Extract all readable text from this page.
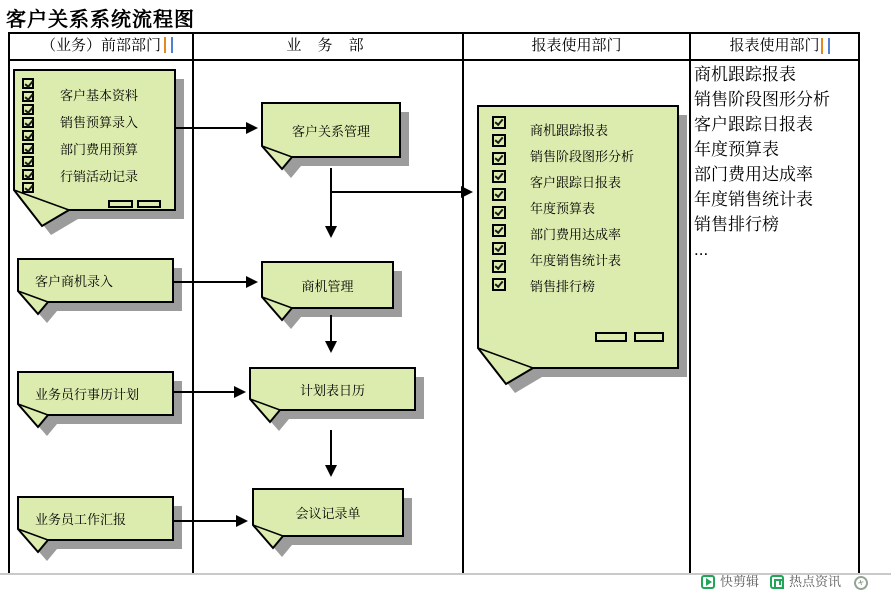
客户关系系统流程图
（业务）前部部门	业 务 部	报表使用部门	报表使用部门
客户基本资料
销售预算录入
部门费用预算
行销活动记录
客户商机录入
业务员行事历计划
业务员工作汇报
客户关系管理
商机管理
计划表日历
会议记录单
商机跟踪报表
销售阶段图形分析
客户跟踪日报表
年度预算表
部门费用达成率
年度销售统计表
销售排行榜
商机跟踪报表
销售阶段图形分析
客户跟踪日报表
年度预算表
部门费用达成率
年度销售统计表
销售排行榜
...
快剪辑 热点资讯	+
